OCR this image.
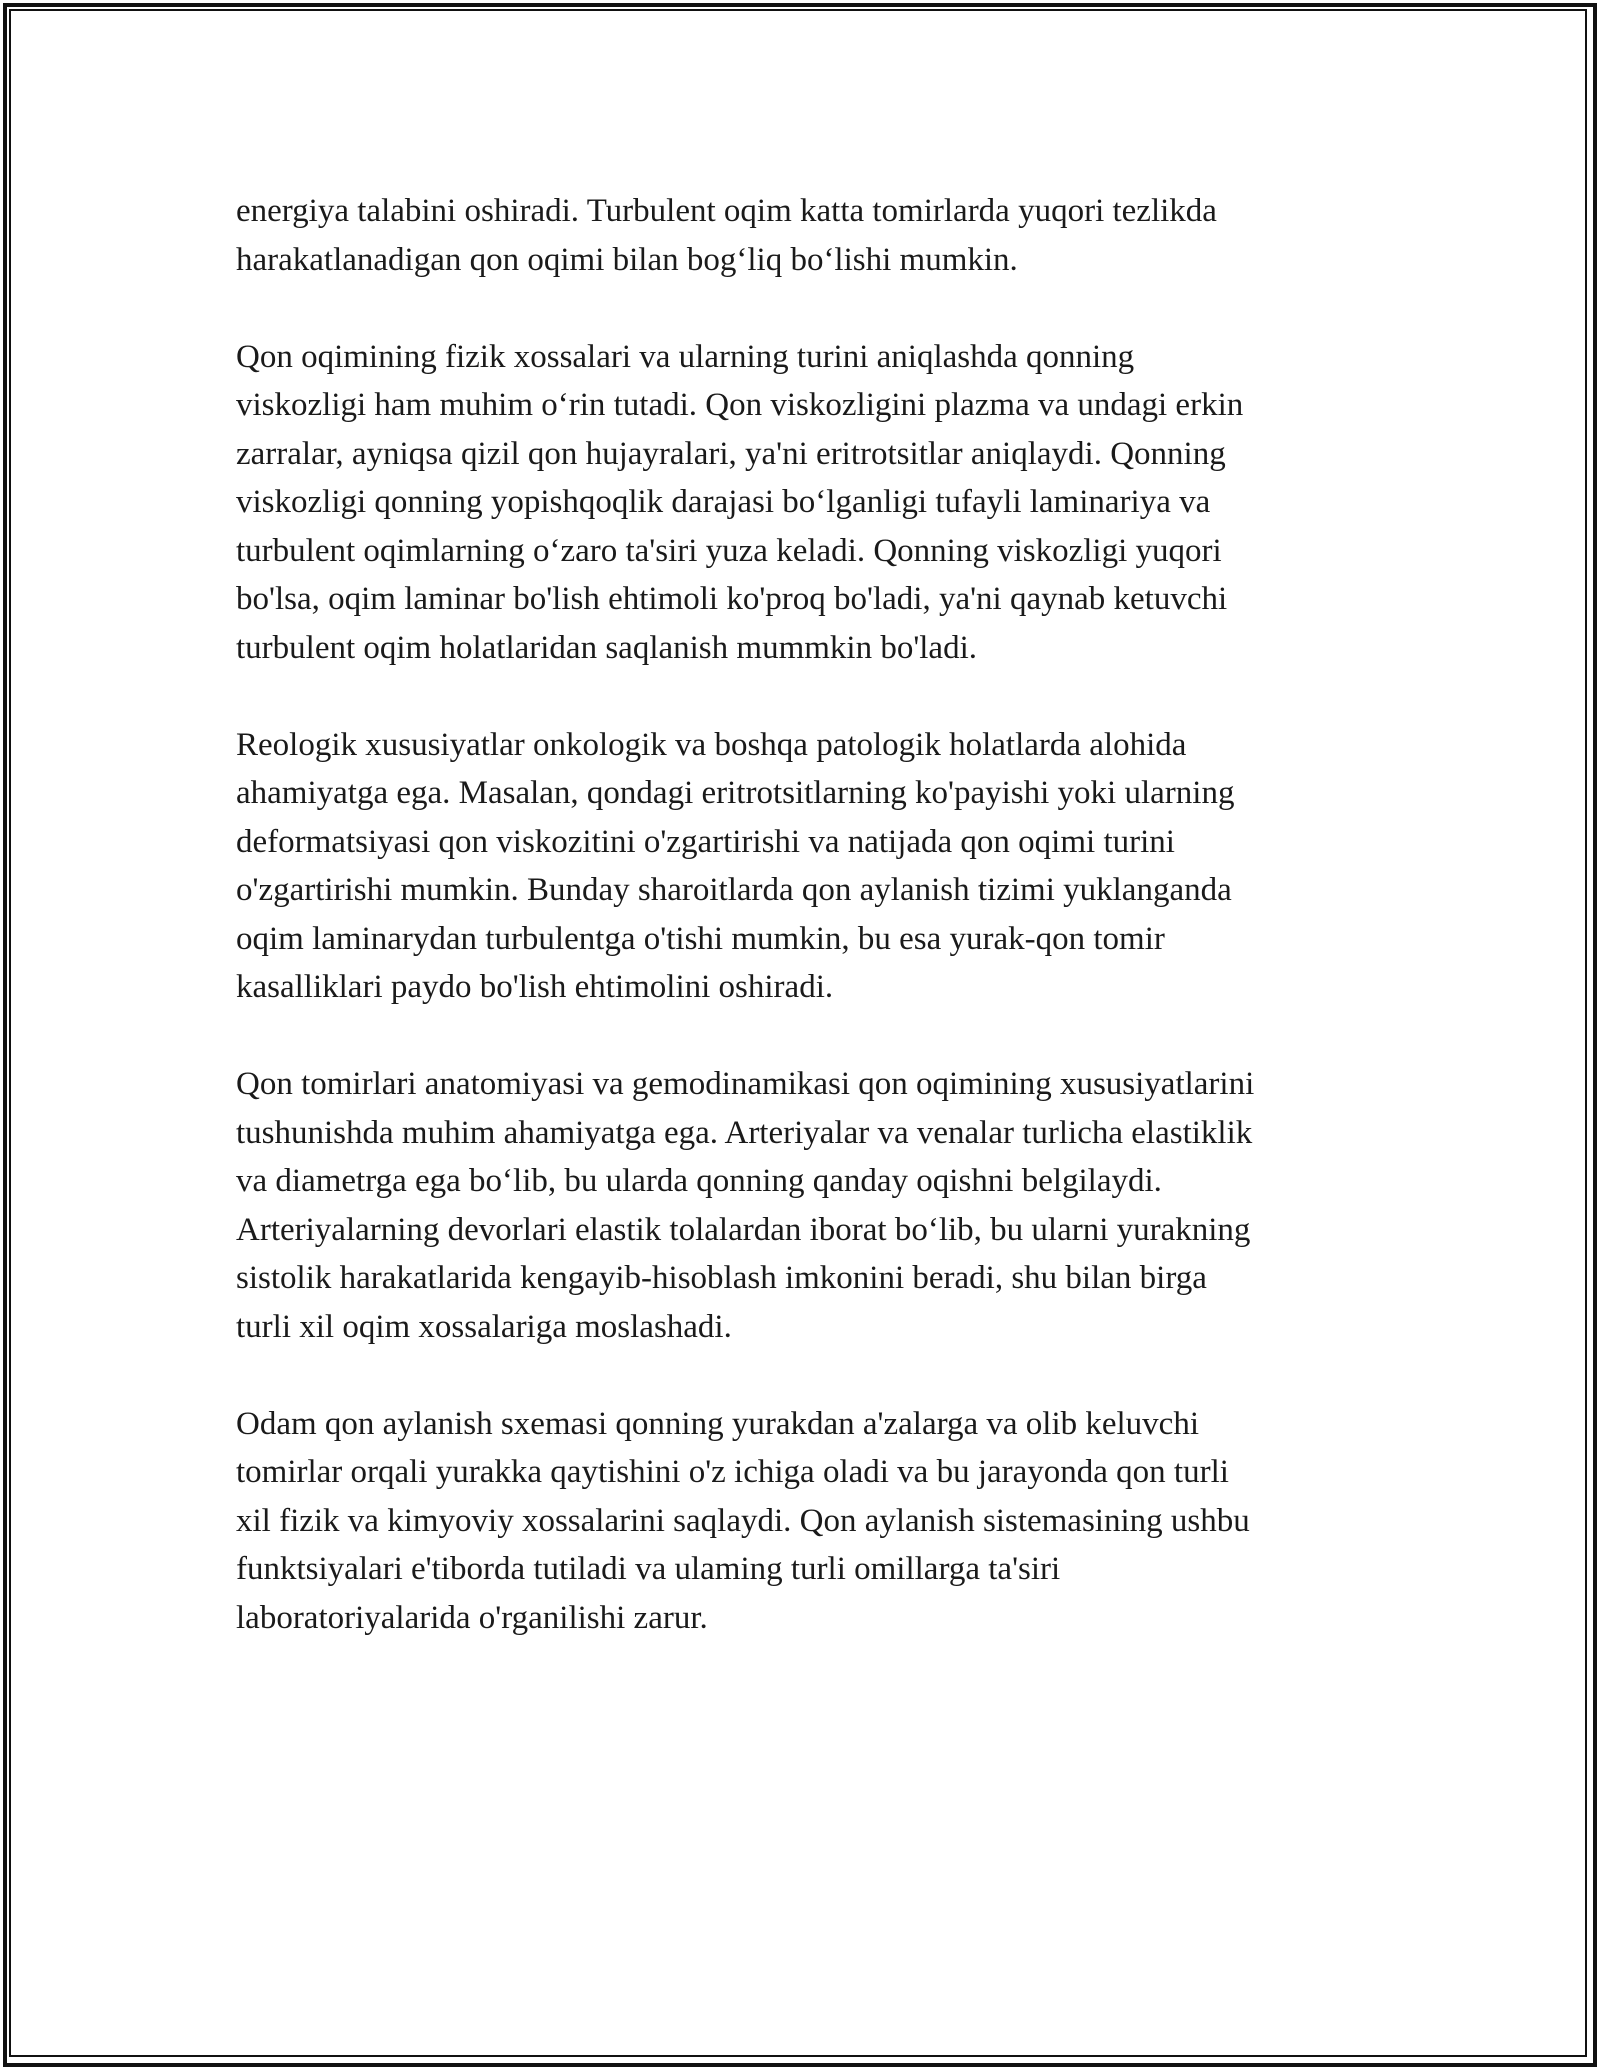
energiya talabini oshiradi. Turbulent oqim katta tomirlarda yuqori tezlikda
harakatlanadigan qon oqimi bilan bog‘liq bo‘lishi mumkin.

Qon oqimining fizik xossalari va ularning turini aniqlashda qonning
viskozligi ham muhim o‘rin tutadi. Qon viskozligini plazma va undagi erkin
zarralar, ayniqsa qizil qon hujayralari, ya'ni eritrotsitlar aniqlaydi. Qonning
viskozligi qonning yopishqoqlik darajasi bo‘lganligi tufayli laminariya va
turbulent oqimlarning o‘zaro ta'siri yuza keladi. Qonning viskozligi yuqori
bo'lsa, oqim laminar bo'lish ehtimoli ko'proq bo'ladi, ya'ni qaynab ketuvchi
turbulent oqim holatlaridan saqlanish mummkin bo'ladi.

Reologik xususiyatlar onkologik va boshqa patologik holatlarda alohida
ahamiyatga ega. Masalan, qondagi eritrotsitlarning ko'payishi yoki ularning
deformatsiyasi qon viskozitini o'zgartirishi va natijada qon oqimi turini
o'zgartirishi mumkin. Bunday sharoitlarda qon aylanish tizimi yuklanganda
oqim laminarydan turbulentga o'tishi mumkin, bu esa yurak-qon tomir
kasalliklari paydo bo'lish ehtimolini oshiradi.

Qon tomirlari anatomiyasi va gemodinamikasi qon oqimining xususiyatlarini
tushunishda muhim ahamiyatga ega. Arteriyalar va venalar turlicha elastiklik
va diametrga ega bo‘lib, bu ularda qonning qanday oqishni belgilaydi.
Arteriyalarning devorlari elastik tolalardan iborat bo‘lib, bu ularni yurakning
sistolik harakatlarida kengayib-hisoblash imkonini beradi, shu bilan birga
turli xil oqim xossalariga moslashadi.

Odam qon aylanish sxemasi qonning yurakdan a'zalarga va olib keluvchi
tomirlar orqali yurakka qaytishini o'z ichiga oladi va bu jarayonda qon turli
xil fizik va kimyoviy xossalarini saqlaydi. Qon aylanish sistemasining ushbu
funktsiyalari e'tiborda tutiladi va ulaming turli omillarga ta'siri
laboratoriyalarida o'rganilishi zarur.
